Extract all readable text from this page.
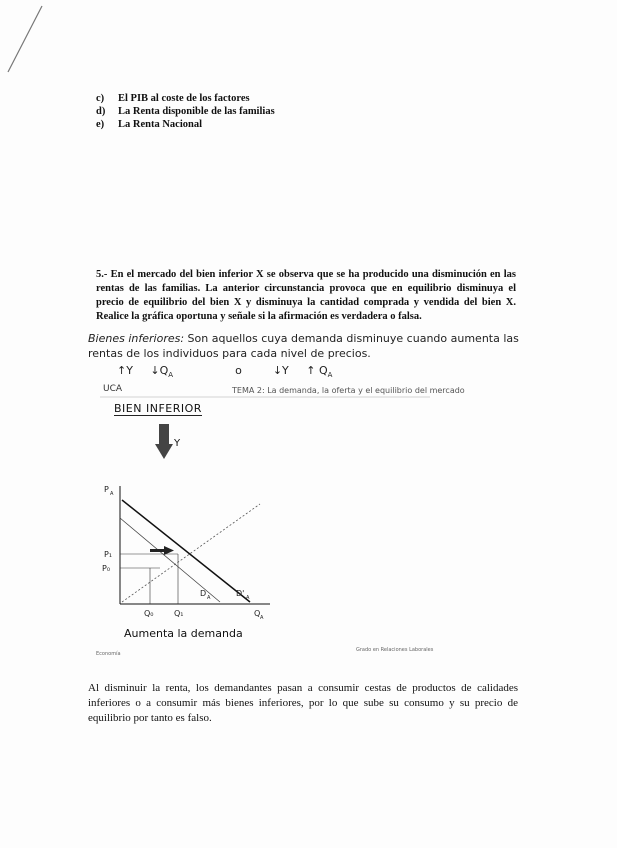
c) El PIB al coste de los factores
d) La Renta disponible de las familias
e) La Renta Nacional
5.- En el mercado del bien inferior X se observa que se ha producido una disminución en las rentas de las familias. La anterior circunstancia provoca que en equilibrio disminuya el precio de equilibrio del bien X y disminuya la cantidad comprada y vendida del bien X. Realice la gráfica oportuna y señale si la afirmación es verdadera o falsa.
Bienes inferiores: Son aquellos cuya demanda disminuye cuando aumenta las rentas de los individuos para cada nivel de precios.
↑Y     $↓Q_A$	o	↓Y     ↑ $Q_A$
UCA	TEMA 2: La demanda, la oferta y el equilibrio del mercado
BIEN INFERIOR
Y
P A
P₁
P₀
Q₀	Q₁	Q A
D A	D' A
Aumenta la demanda
Economía
Grado en Relaciones Laborales
Al disminuir la renta, los demandantes pasan a consumir cestas de productos de calidades inferiores o a consumir más bienes inferiores, por lo que sube su consumo y su precio de equilibrio por tanto es falso.
